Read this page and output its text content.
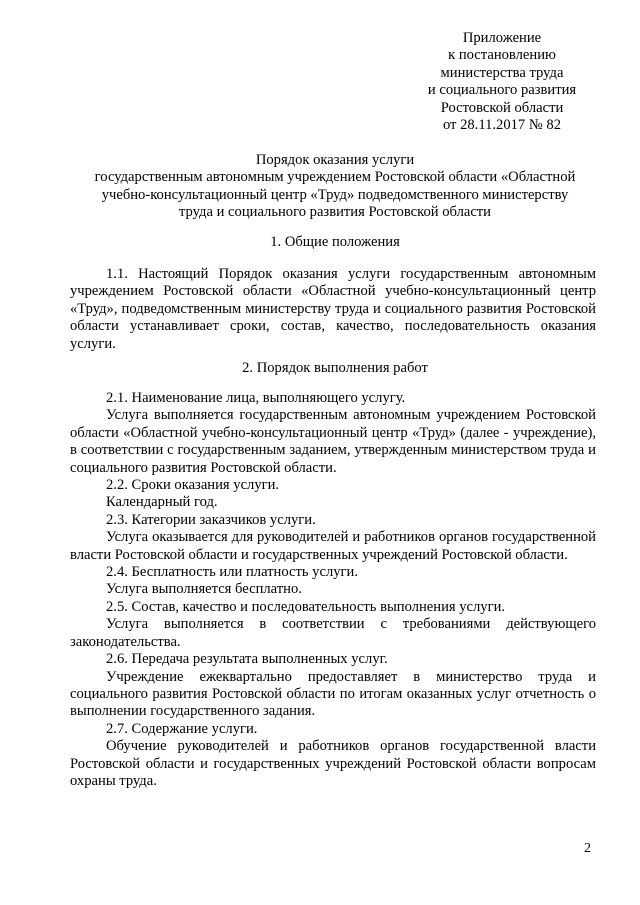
Приложение
к постановлению
министерства труда
и социального развития
Ростовской области
от 28.11.2017 № 82
Порядок оказания услуги
государственным автономным учреждением Ростовской области «Областной
учебно-консультационный центр «Труд» подведомственного министерству
труда и социального развития Ростовской области
1. Общие положения

1.1. Настоящий Порядок оказания услуги государственным автономным учреждением Ростовской области «Областной учебно-консультационный центр «Труд», подведомственным министерству труда и социального развития Ростовской области устанавливает сроки, состав, качество, последовательность оказания услуги.

2. Порядок выполнения работ

2.1. Наименование лица, выполняющего услугу.

Услуга выполняется государственным автономным учреждением Ростовской области «Областной учебно-консультационный центр «Труд» (далее - учреждение), в соответствии с государственным заданием, утвержденным министерством труда и социального развития Ростовской области.

2.2. Сроки оказания услуги.

Календарный год.

2.3. Категории заказчиков услуги.

Услуга оказывается для руководителей и работников органов государственной власти Ростовской области и государственных учреждений Ростовской области.

2.4. Бесплатность или платность услуги.

Услуга выполняется бесплатно.

2.5. Состав, качество и последовательность выполнения услуги.

Услуга выполняется в соответствии с требованиями действующего законодательства.

2.6. Передача результата выполненных услуг.

Учреждение ежеквартально предоставляет в министерство труда и социального развития Ростовской области по итогам оказанных услуг отчетность о выполнении государственного задания.

2.7. Содержание услуги.

Обучение руководителей и работников органов государственной власти Ростовской области и государственных учреждений Ростовской области вопросам охраны труда.

2
